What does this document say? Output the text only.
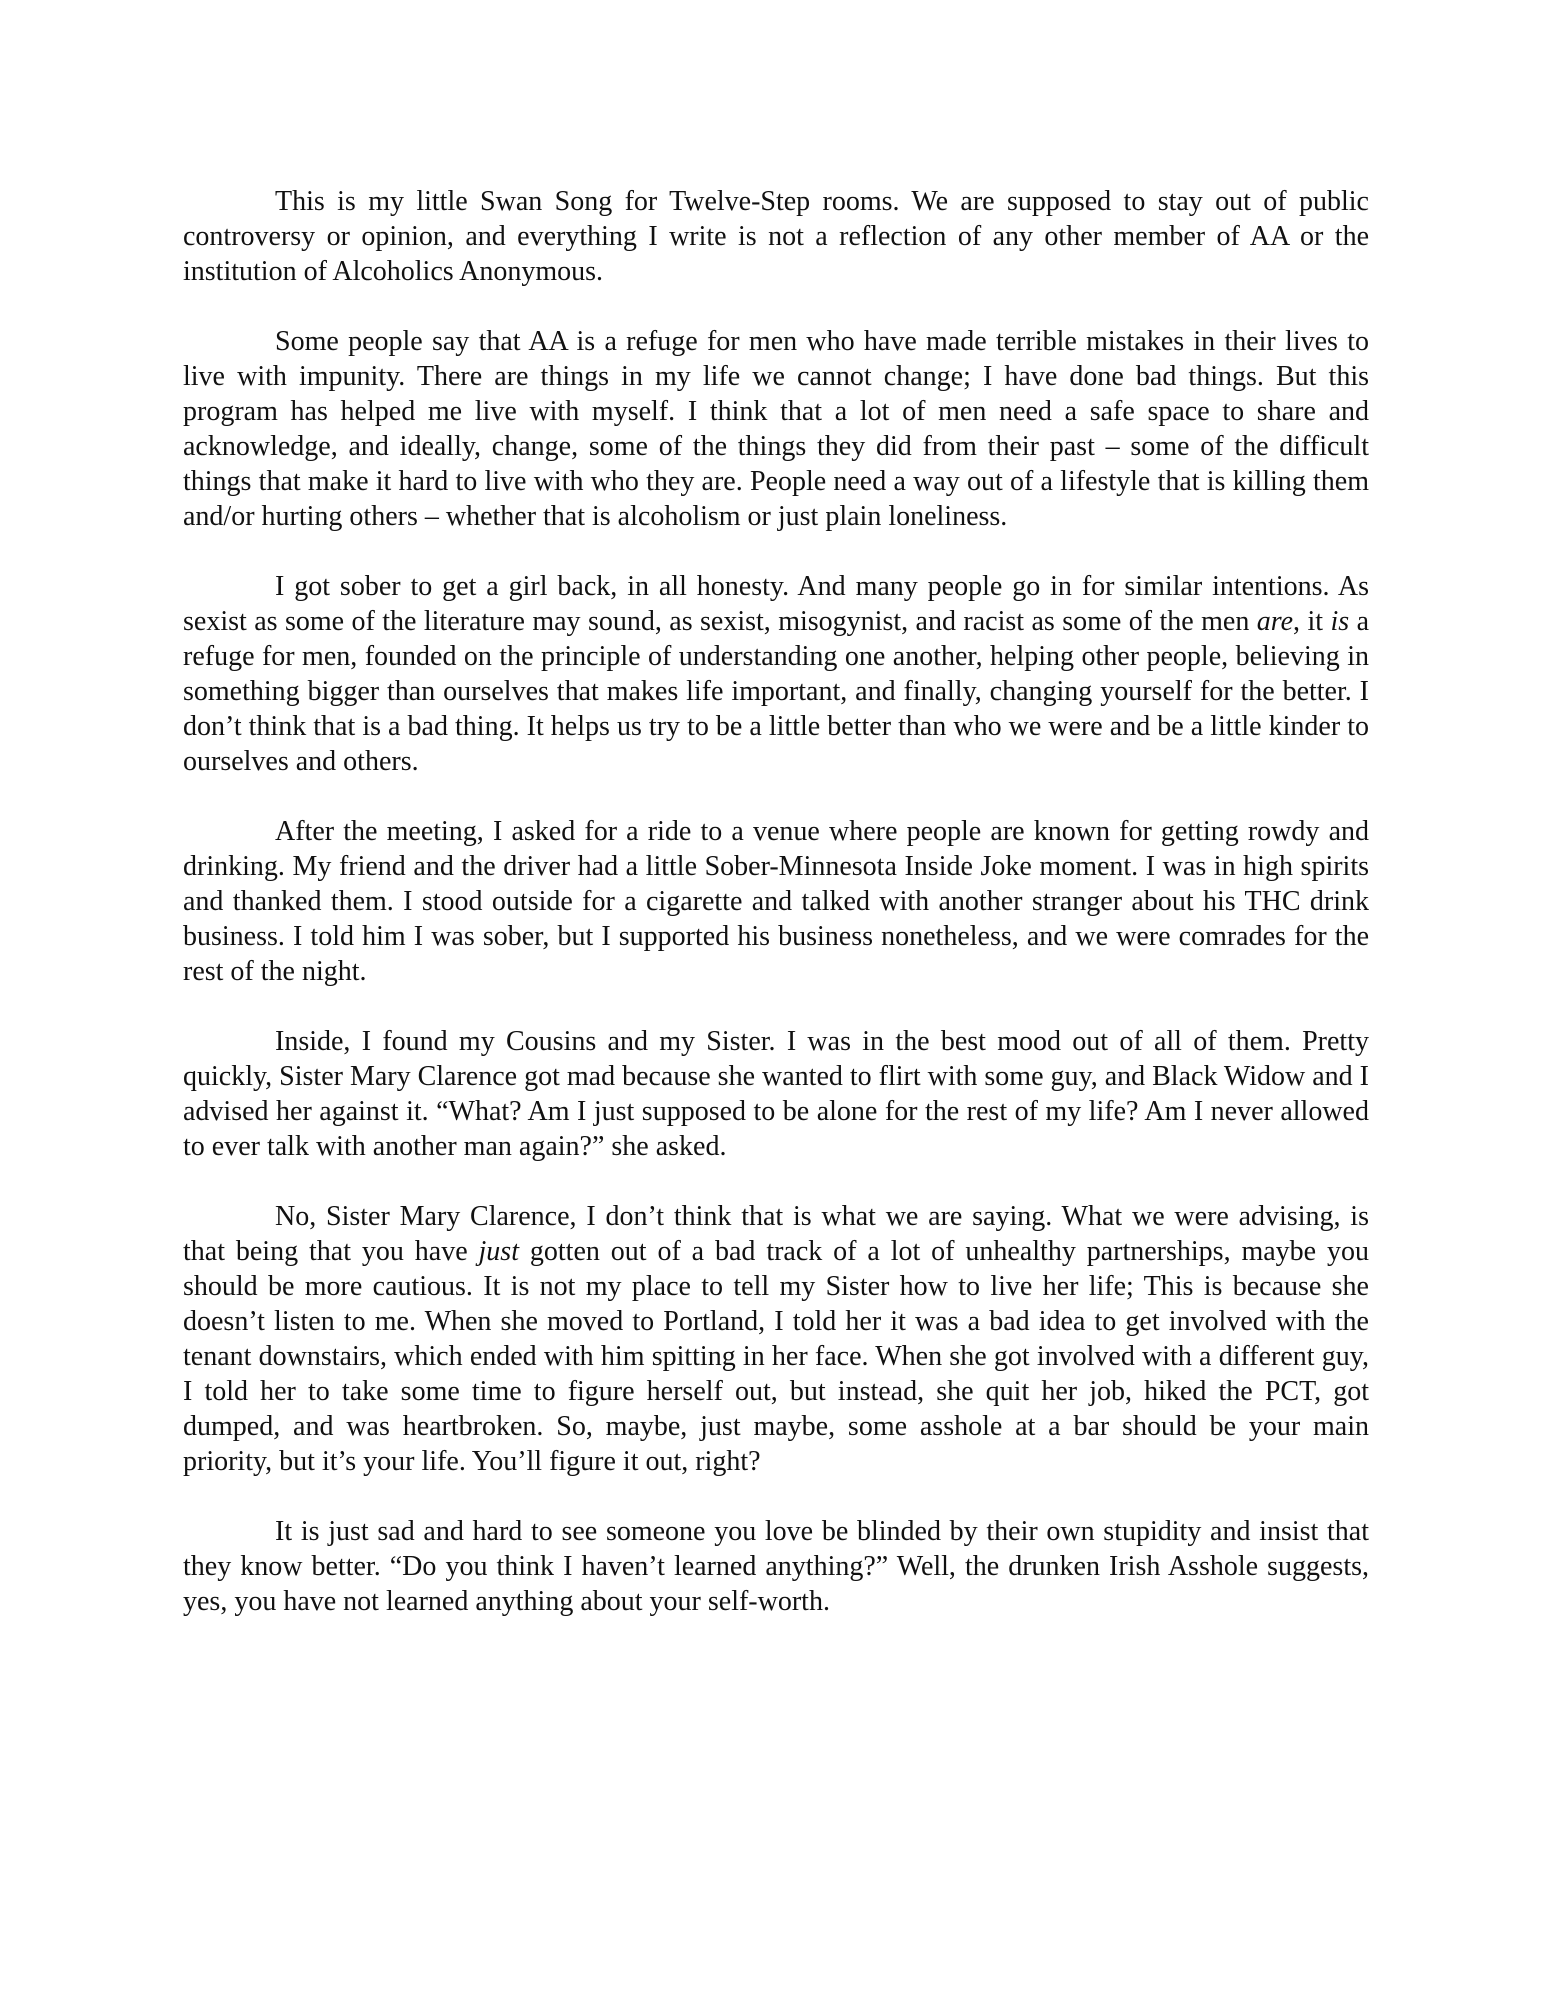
This is my little Swan Song for Twelve-Step rooms. We are supposed to stay out of public controversy or opinion, and everything I write is not a reflection of any other member of AA or the institution of Alcoholics Anonymous.

Some people say that AA is a refuge for men who have made terrible mistakes in their lives to live with impunity. There are things in my life we cannot change; I have done bad things. But this program has helped me live with myself. I think that a lot of men need a safe space to share and acknowledge, and ideally, change, some of the things they did from their past – some of the difficult things that make it hard to live with who they are. People need a way out of a lifestyle that is killing them and/or hurting others – whether that is alcoholism or just plain loneliness.

I got sober to get a girl back, in all honesty. And many people go in for similar intentions. As sexist as some of the literature may sound, as sexist, misogynist, and racist as some of the men are, it is a refuge for men, founded on the principle of understanding one another, helping other people, believing in something bigger than ourselves that makes life important, and finally, changing yourself for the better. I don’t think that is a bad thing. It helps us try to be a little better than who we were and be a little kinder to ourselves and others.

After the meeting, I asked for a ride to a venue where people are known for getting rowdy and drinking. My friend and the driver had a little Sober-Minnesota Inside Joke moment. I was in high spirits and thanked them. I stood outside for a cigarette and talked with another stranger about his THC drink business. I told him I was sober, but I supported his business nonetheless, and we were comrades for the rest of the night.

Inside, I found my Cousins and my Sister. I was in the best mood out of all of them. Pretty quickly, Sister Mary Clarence got mad because she wanted to flirt with some guy, and Black Widow and I advised her against it. “What? Am I just supposed to be alone for the rest of my life? Am I never allowed to ever talk with another man again?” she asked.

No, Sister Mary Clarence, I don’t think that is what we are saying. What we were advising, is that being that you have just gotten out of a bad track of a lot of unhealthy partnerships, maybe you should be more cautious. It is not my place to tell my Sister how to live her life; This is because she doesn’t listen to me. When she moved to Portland, I told her it was a bad idea to get involved with the tenant downstairs, which ended with him spitting in her face. When she got involved with a different guy, I told her to take some time to figure herself out, but instead, she quit her job, hiked the PCT, got dumped, and was heartbroken. So, maybe, just maybe, some asshole at a bar should be your main priority, but it’s your life. You’ll figure it out, right?

It is just sad and hard to see someone you love be blinded by their own stupidity and insist that they know better. “Do you think I haven’t learned anything?” Well, the drunken Irish Asshole suggests, yes, you have not learned anything about your self-worth.
